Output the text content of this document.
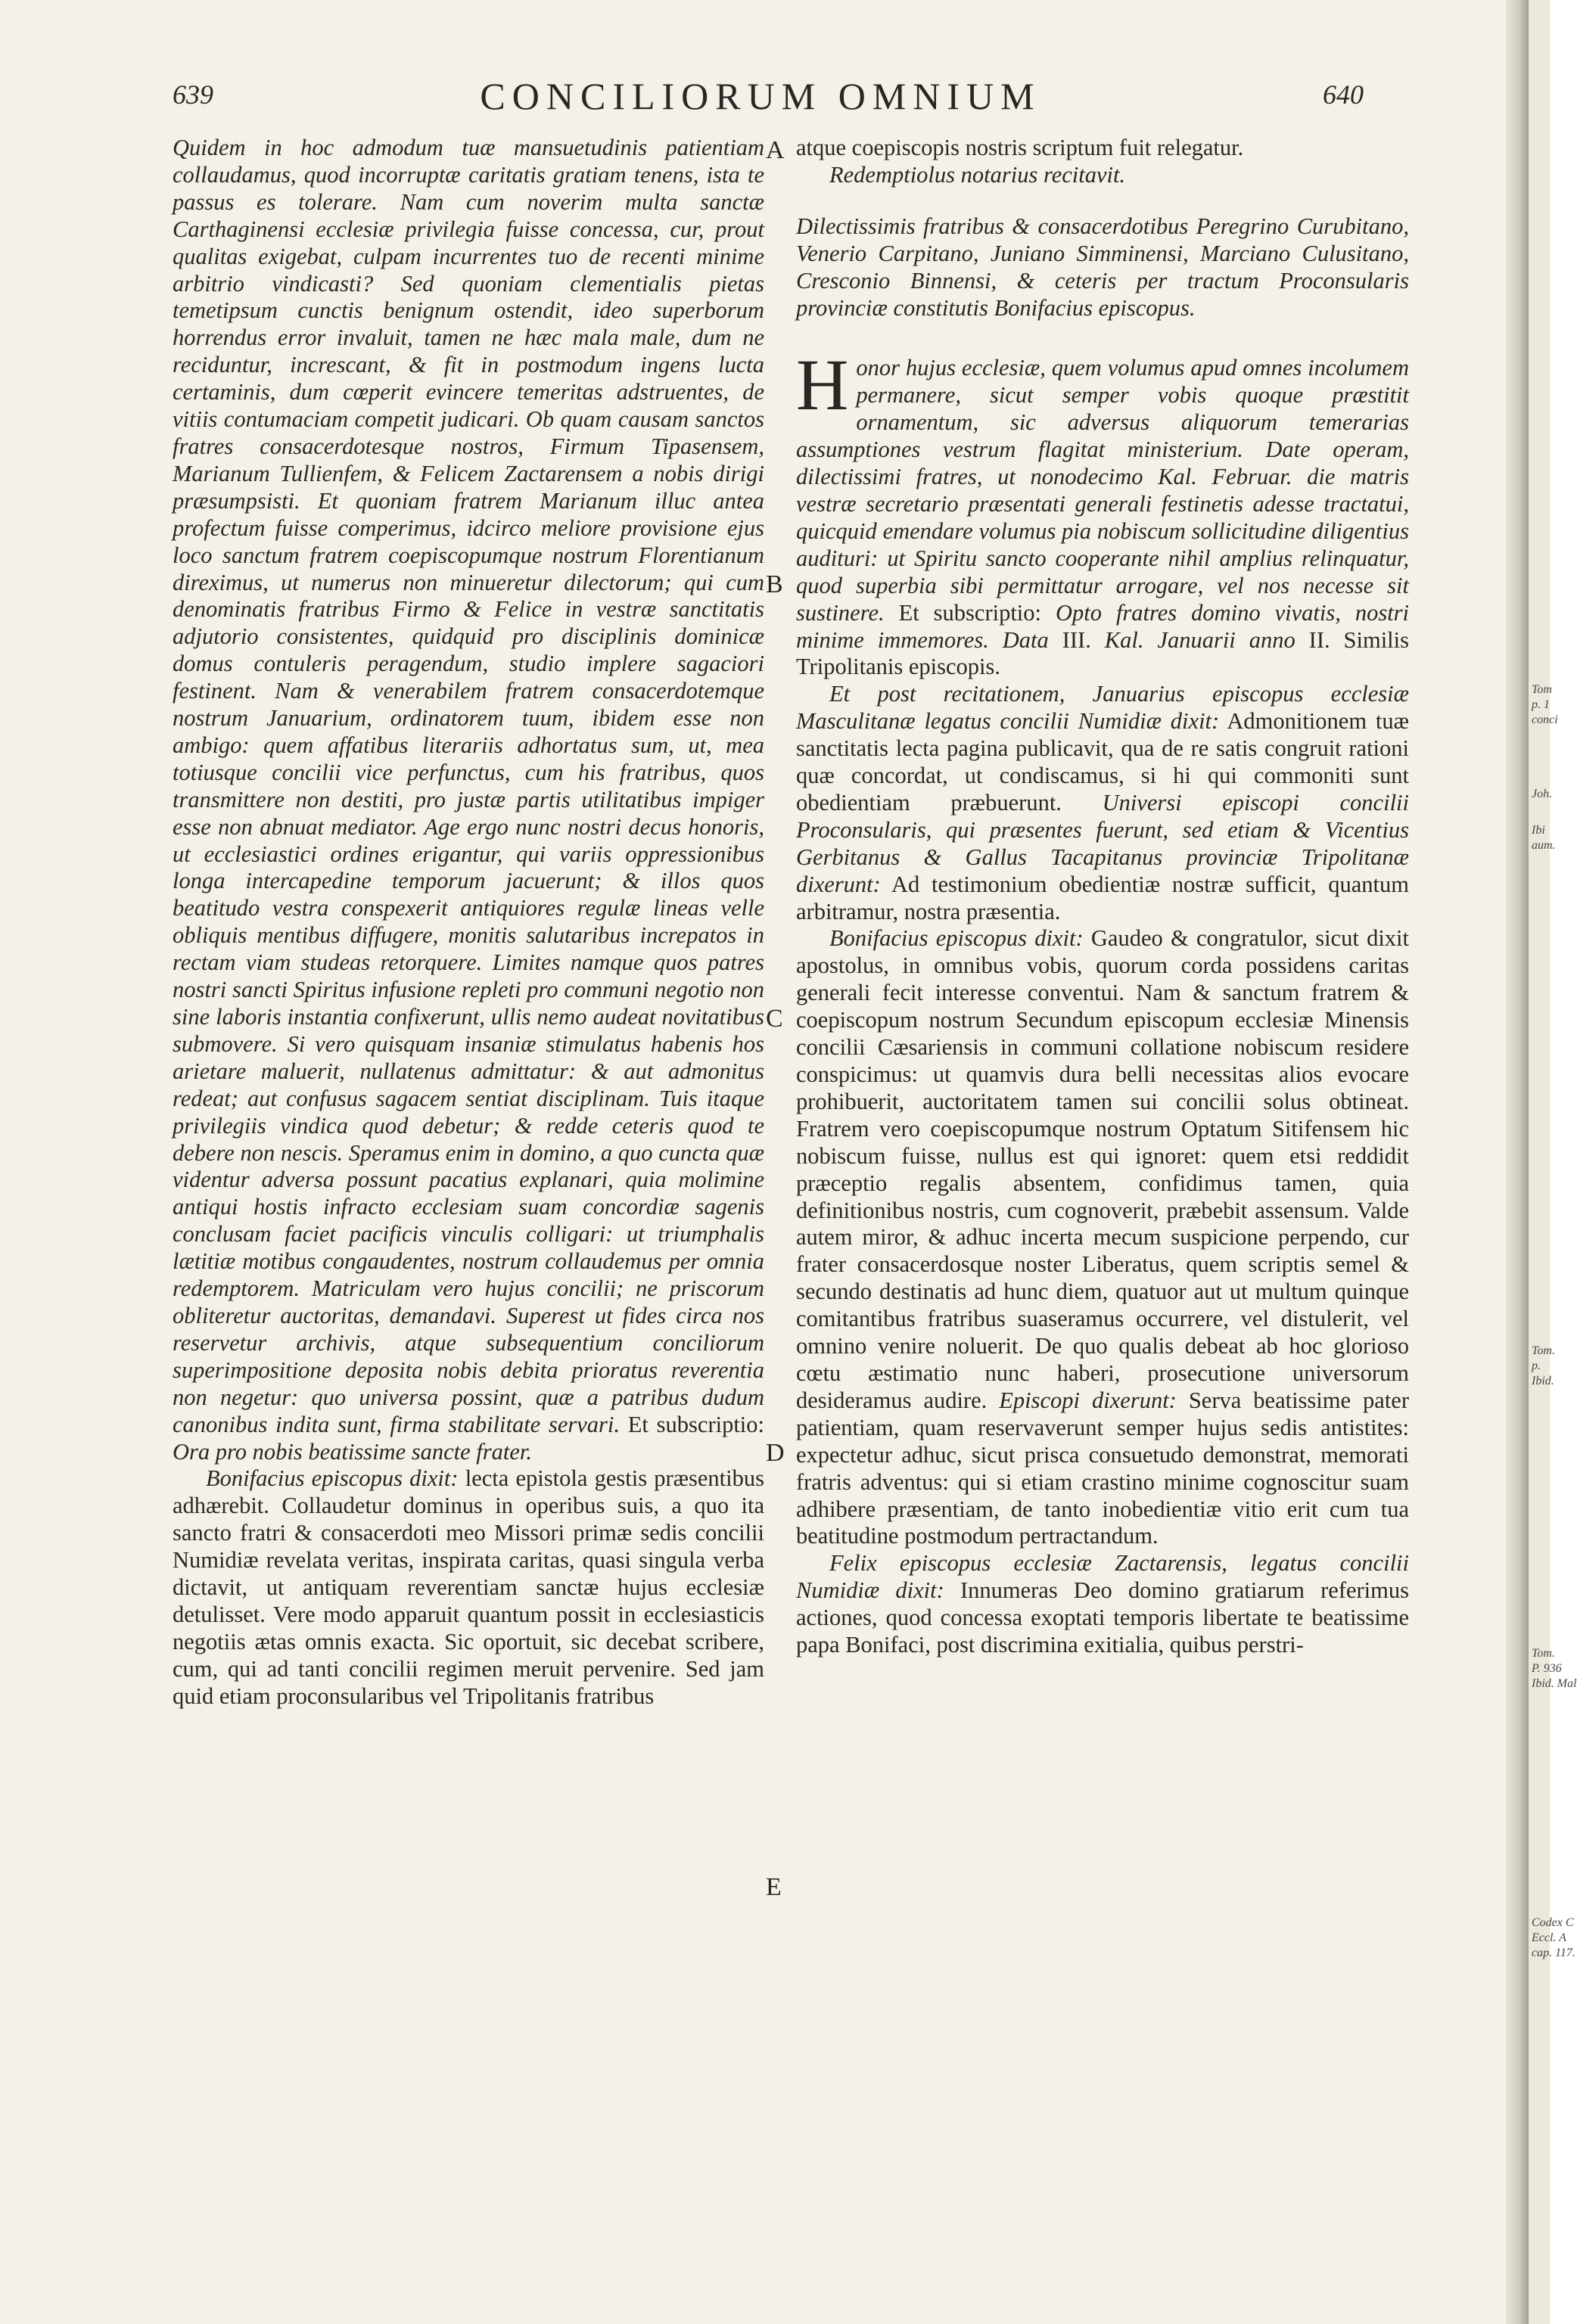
639	CONCILIORUM OMNIUM	640
A
B
C
D
E

Quidem in hoc admodum tuæ mansuetudinis patientiam collaudamus, quod incorruptæ caritatis gratiam tenens, ista te passus es tolerare. Nam cum noverim multa sanctæ Carthaginensi ecclesiæ privilegia fuisse concessa, cur, prout qualitas exigebat, culpam incurrentes tuo de recenti minime arbitrio vindicasti? Sed quoniam clementialis pietas temetipsum cunctis benignum ostendit, ideo superborum horrendus error invaluit, tamen ne hæc mala male, dum ne reciduntur, increscant, & fit in postmodum ingens lucta certaminis, dum cœperit evincere temeritas adstruentes, de vitiis contumaciam competit judicari. Ob quam causam sanctos fratres consacerdotesque nostros, Firmum Tipasensem, Marianum Tullienfem, & Felicem Zactarensem a nobis dirigi præsumpsisti. Et quoniam fratrem Marianum illuc antea profectum fuisse comperimus, idcirco meliore provisione ejus loco sanctum fratrem coepiscopumque nostrum Florentianum direximus, ut numerus non minueretur dilectorum; qui cum denominatis fratribus Firmo & Felice in vestræ sanctitatis adjutorio consistentes, quidquid pro disciplinis dominicæ domus contuleris peragendum, studio implere sagaciori festinent. Nam & venerabilem fratrem consacerdotemque nostrum Januarium, ordinatorem tuum, ibidem esse non ambigo: quem affatibus literariis adhortatus sum, ut, mea totiusque concilii vice perfunctus, cum his fratribus, quos transmittere non destiti, pro justæ partis utilitatibus impiger esse non abnuat mediator. Age ergo nunc nostri decus honoris, ut ecclesiastici ordines erigantur, qui variis oppressionibus longa intercapedine temporum jacuerunt; & illos quos beatitudo vestra conspexerit antiquiores regulæ lineas velle obliquis mentibus diffugere, monitis salutaribus increpatos in rectam viam studeas retorquere. Limites namque quos patres nostri sancti Spiritus infusione repleti pro communi negotio non sine laboris instantia confixerunt, ullis nemo audeat novitatibus submovere. Si vero quisquam insaniæ stimulatus habenis hos arietare maluerit, nullatenus admittatur: & aut admonitus redeat; aut confusus sagacem sentiat disciplinam. Tuis itaque privilegiis vindica quod debetur; & redde ceteris quod te debere non nescis. Speramus enim in domino, a quo cuncta quæ videntur adversa possunt pacatius explanari, quia molimine antiqui hostis infracto ecclesiam suam concordiæ sagenis conclusam faciet pacificis vinculis colligari: ut triumphalis lætitiæ motibus congaudentes, nostrum collaudemus per omnia redemptorem. Matriculam vero hujus concilii; ne priscorum obliteretur auctoritas, demandavi. Superest ut fides circa nos reservetur archivis, atque subsequentium conciliorum superimpositione deposita nobis debita prioratus reverentia non negetur: quo universa possint, quæ a patribus dudum canonibus indita sunt, firma stabilitate servari. Et subscriptio: Ora pro nobis beatissime sancte frater.

Bonifacius episcopus dixit: lecta epistola gestis præsentibus adhærebit. Collaudetur dominus in operibus suis, a quo ita sancto fratri & consacerdoti meo Missori primæ sedis concilii Numidiæ revelata veritas, inspirata caritas, quasi singula verba dictavit, ut antiquam reverentiam sanctæ hujus ecclesiæ detulisset. Vere modo apparuit quantum possit in ecclesiasticis negotiis ætas omnis exacta. Sic oportuit, sic decebat scribere, cum, qui ad tanti concilii regimen meruit pervenire. Sed jam quid etiam proconsularibus vel Tripolitanis fratribus

atque coepiscopis nostris scriptum fuit relegatur.

Redemptiolus notarius recitavit.

Dilectissimis fratribus & consacerdotibus Peregrino Curubitano, Venerio Carpitano, Juniano Simminensi, Marciano Culusitano, Cresconio Binnensi, & ceteris per tractum Proconsularis provinciæ constitutis Bonifacius episcopus.

Honor hujus ecclesiæ, quem volumus apud omnes incolumem permanere, sicut semper vobis quoque præstitit ornamentum, sic adversus aliquorum temerarias assumptiones vestrum flagitat ministerium. Date operam, dilectissimi fratres, ut nonodecimo Kal. Februar. die matris vestræ secretario præsentati generali festinetis adesse tractatui, quicquid emendare volumus pia nobiscum sollicitudine diligentius audituri: ut Spiritu sancto cooperante nihil amplius relinquatur, quod superbia sibi permittatur arrogare, vel nos necesse sit sustinere. Et subscriptio: Opto fratres domino vivatis, nostri minime immemores. Data III. Kal. Januarii anno II. Similis Tripolitanis episcopis.

Et post recitationem, Januarius episcopus ecclesiæ Masculitanæ legatus concilii Numidiæ dixit: Admonitionem tuæ sanctitatis lecta pagina publicavit, qua de re satis congruit rationi quæ concordat, ut condiscamus, si hi qui commoniti sunt obedientiam præbuerunt. Universi episcopi concilii Proconsularis, qui præsentes fuerunt, sed etiam & Vicentius Gerbitanus & Gallus Tacapitanus provinciæ Tripolitanæ dixerunt: Ad testimonium obedientiæ nostræ sufficit, quantum arbitramur, nostra præsentia.

Bonifacius episcopus dixit: Gaudeo & congratulor, sicut dixit apostolus, in omnibus vobis, quorum corda possidens caritas generali fecit interesse conventui. Nam & sanctum fratrem & coepiscopum nostrum Secundum episcopum ecclesiæ Minensis concilii Cæsariensis in communi collatione nobiscum residere conspicimus: ut quamvis dura belli necessitas alios evocare prohibuerit, auctoritatem tamen sui concilii solus obtineat. Fratrem vero coepiscopumque nostrum Optatum Sitifensem hic nobiscum fuisse, nullus est qui ignoret: quem etsi reddidit præceptio regalis absentem, confidimus tamen, quia definitionibus nostris, cum cognoverit, præbebit assensum. Valde autem miror, & adhuc incerta mecum suspicione perpendo, cur frater consacerdosque noster Liberatus, quem scriptis semel & secundo destinatis ad hunc diem, quatuor aut ut multum quinque comitantibus fratribus suaseramus occurrere, vel distulerit, vel omnino venire noluerit. De quo qualis debeat ab hoc glorioso cœtu æstimatio nunc haberi, prosecutione universorum desideramus audire. Episcopi dixerunt: Serva beatissime pater patientiam, quam reservaverunt semper hujus sedis antistites: expectetur adhuc, sicut prisca consuetudo demonstrat, memorati fratris adventus: qui si etiam crastino minime cognoscitur suam adhibere præsentiam, de tanto inobedientiæ vitio erit cum tua beatitudine postmodum pertractandum.

Felix episcopus ecclesiæ Zactarensis, legatus concilii Numidiæ dixit: Innumeras Deo domino gratiarum referimus actiones, quod concessa exoptati temporis libertate te beatissime papa Bonifaci, post discrimina exitialia, quibus perstri-

Tom
p. 1
conci
Joh.
Ibi
aum.
Tom.
p.
Ibid.
Tom.
P. 936
Ibid. Mal
Codex C
Eccl. A
cap. 117.
